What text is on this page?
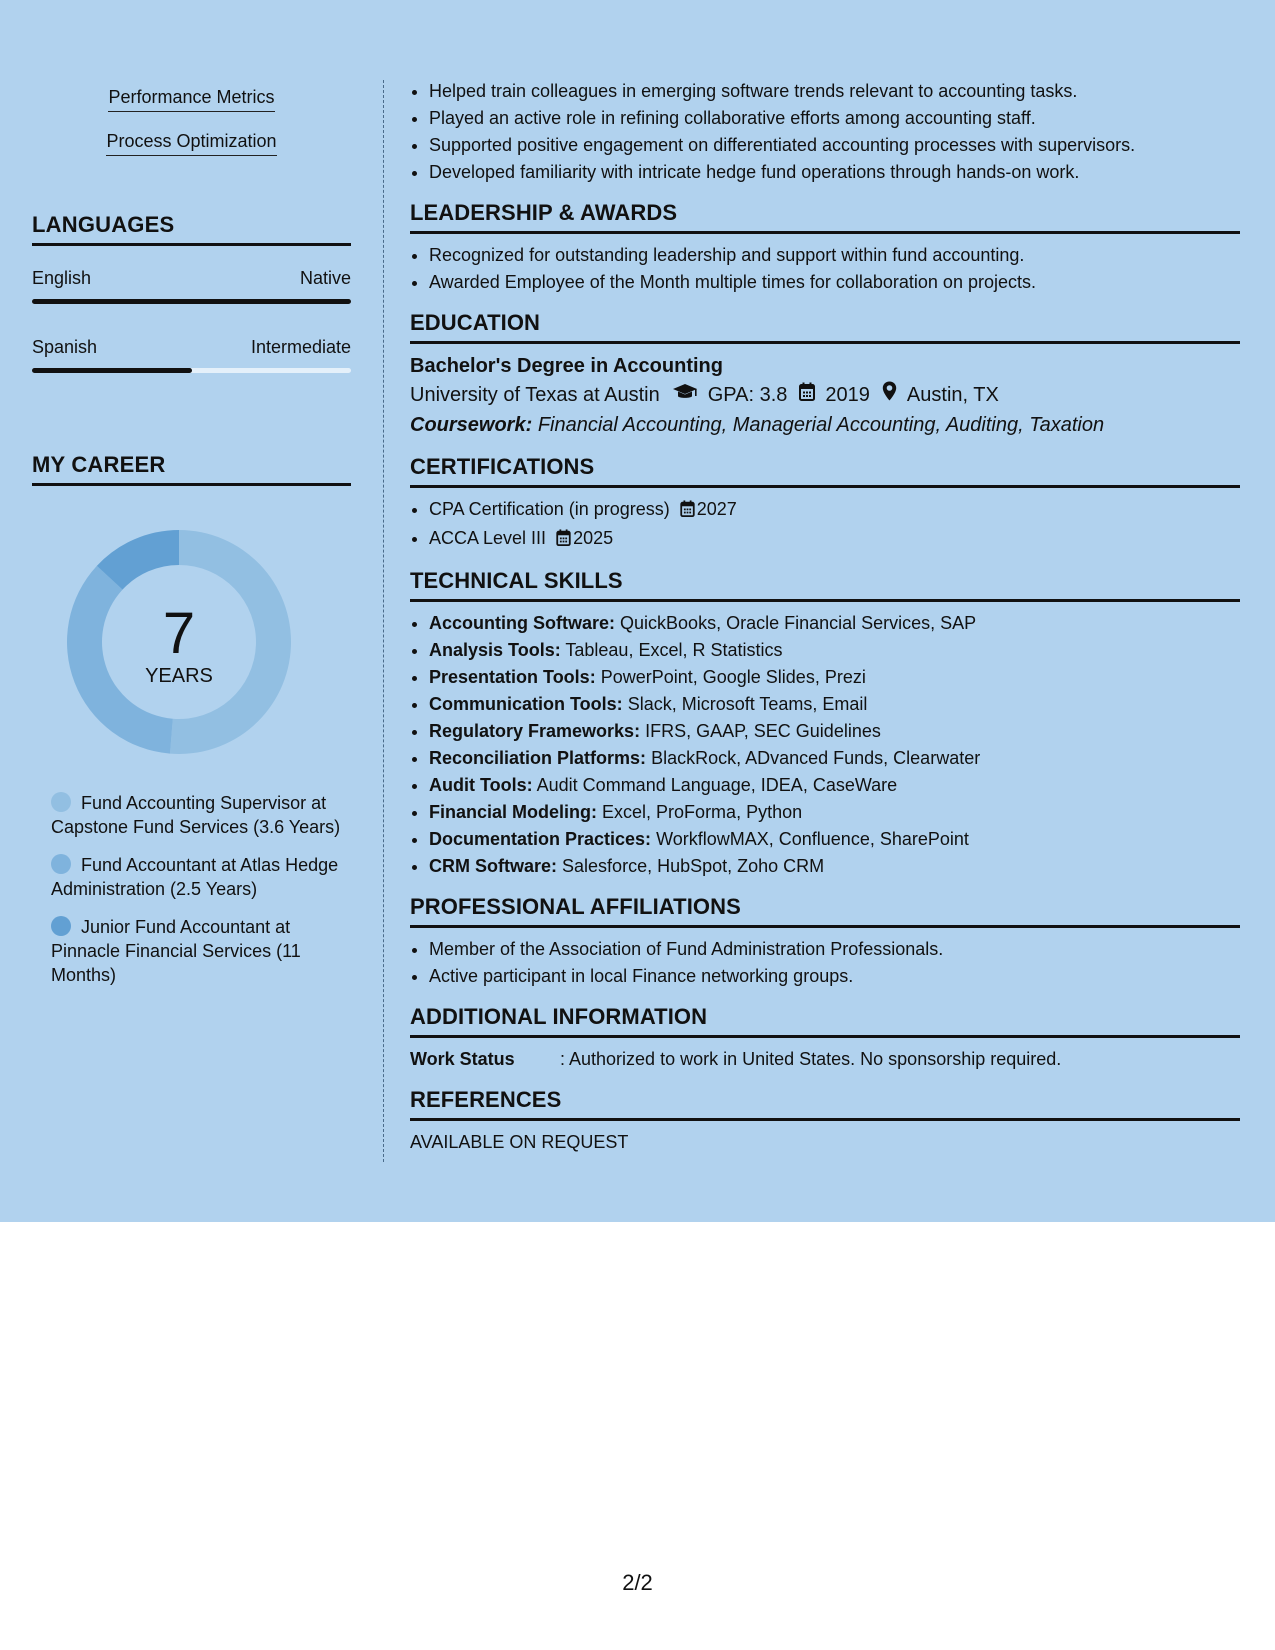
Performance Metrics
Process Optimization
LANGUAGES
English	Native
Spanish	Intermediate
MY CAREER
7
YEARS
Fund Accounting Supervisor at Capstone Fund Services (3.6 Years)
Fund Accountant at Atlas Hedge Administration (2.5 Years)
Junior Fund Accountant at Pinnacle Financial Services (11 Months)
• Helped train colleagues in emerging software trends relevant to accounting tasks.
• Played an active role in refining collaborative efforts among accounting staff.
• Supported positive engagement on differentiated accounting processes with supervisors.
• Developed familiarity with intricate hedge fund operations through hands-on work.
LEADERSHIP & AWARDS
• Recognized for outstanding leadership and support within fund accounting.
• Awarded Employee of the Month multiple times for collaboration on projects.
EDUCATION
Bachelor's Degree in Accounting
University of Texas at Austin GPA: 3.8 2019 Austin, TX
Coursework: Financial Accounting, Managerial Accounting, Auditing, Taxation
CERTIFICATIONS
• CPA Certification (in progress) 2027
• ACCA Level III 2025
TECHNICAL SKILLS
• Accounting Software: QuickBooks, Oracle Financial Services, SAP
• Analysis Tools: Tableau, Excel, R Statistics
• Presentation Tools: PowerPoint, Google Slides, Prezi
• Communication Tools: Slack, Microsoft Teams, Email
• Regulatory Frameworks: IFRS, GAAP, SEC Guidelines
• Reconciliation Platforms: BlackRock, ADvanced Funds, Clearwater
• Audit Tools: Audit Command Language, IDEA, CaseWare
• Financial Modeling: Excel, ProForma, Python
• Documentation Practices: WorkflowMAX, Confluence, SharePoint
• CRM Software: Salesforce, HubSpot, Zoho CRM
PROFESSIONAL AFFILIATIONS
• Member of the Association of Fund Administration Professionals.
• Active participant in local Finance networking groups.
ADDITIONAL INFORMATION
Work Status	: Authorized to work in United States. No sponsorship required.
REFERENCES
AVAILABLE ON REQUEST
2/2
